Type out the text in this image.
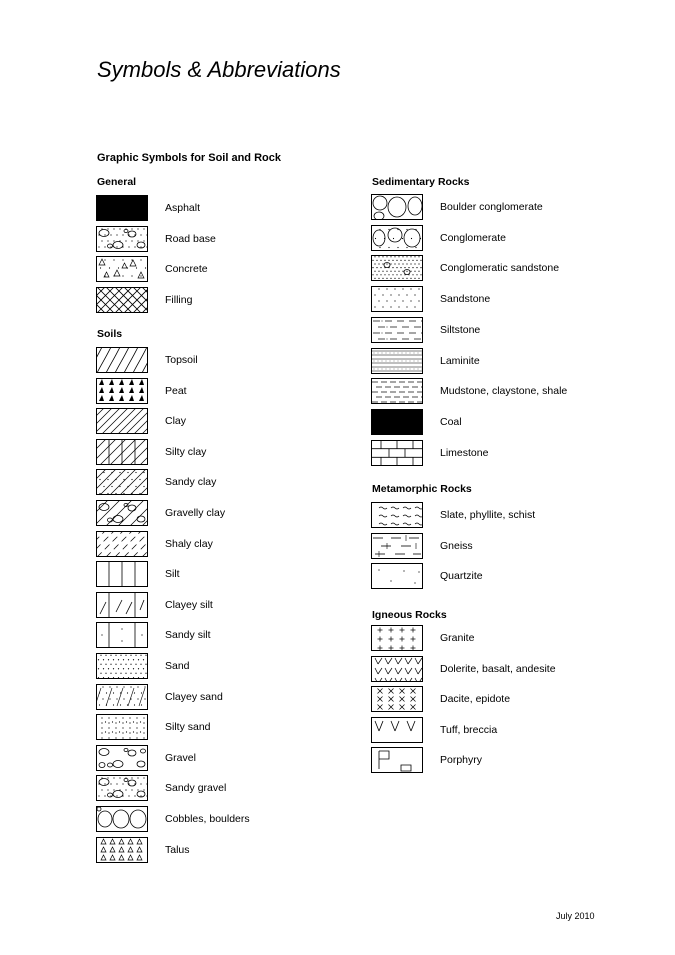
Symbols & Abbreviations
Graphic Symbols for Soil and Rock
General
Soils
Sedimentary Rocks
Metamorphic Rocks
Igneous Rocks
Asphalt
Road base
Concrete
Filling
Topsoil
Peat
Clay
Silty clay
Sandy clay
Gravelly clay
Shaly clay
Silt
Clayey silt
Sandy silt
Sand
Clayey sand
Silty sand
Gravel
Sandy gravel
Cobbles, boulders
Talus
Boulder conglomerate
Conglomerate
Conglomeratic sandstone
Sandstone
Siltstone
Laminite
Mudstone, claystone, shale
Coal
Limestone
Slate, phyllite, schist
Gneiss
Quartzite
Granite
Dolerite, basalt, andesite
Dacite, epidote
Tuff, breccia
Porphyry
July 2010
